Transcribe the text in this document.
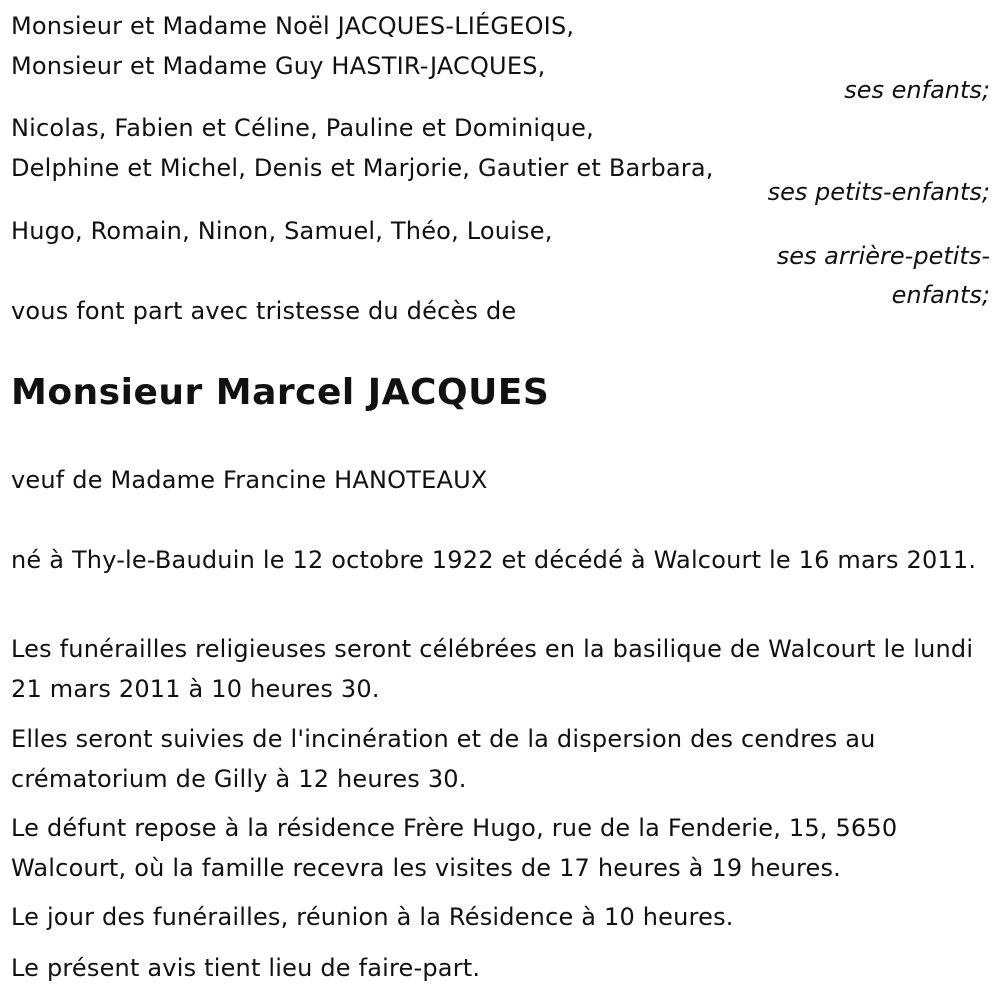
Monsieur et Madame Noël JACQUES-LIÉGEOIS,
Monsieur et Madame Guy HASTIR-JACQUES,
ses enfants;
Nicolas, Fabien et Céline, Pauline et Dominique,
Delphine et Michel, Denis et Marjorie, Gautier et Barbara,
ses petits-enfants;
Hugo, Romain, Ninon, Samuel, Théo, Louise,
ses arrière-petits-
enfants;
vous font part avec tristesse du décès de
Monsieur Marcel JACQUES
veuf de Madame Francine HANOTEAUX
né à Thy-le-Bauduin le 12 octobre 1922 et décédé à Walcourt le 16 mars 2011.
Les funérailles religieuses seront célébrées en la basilique de Walcourt le lundi 21 mars 2011 à 10 heures 30.
Elles seront suivies de l'incinération et de la dispersion des cendres au crématorium de Gilly à 12 heures 30.
Le défunt repose à la résidence Frère Hugo, rue de la Fenderie, 15, 5650 Walcourt, où la famille recevra les visites de 17 heures à 19 heures.
Le jour des funérailles, réunion à la Résidence à 10 heures.
Le présent avis tient lieu de faire-part.
